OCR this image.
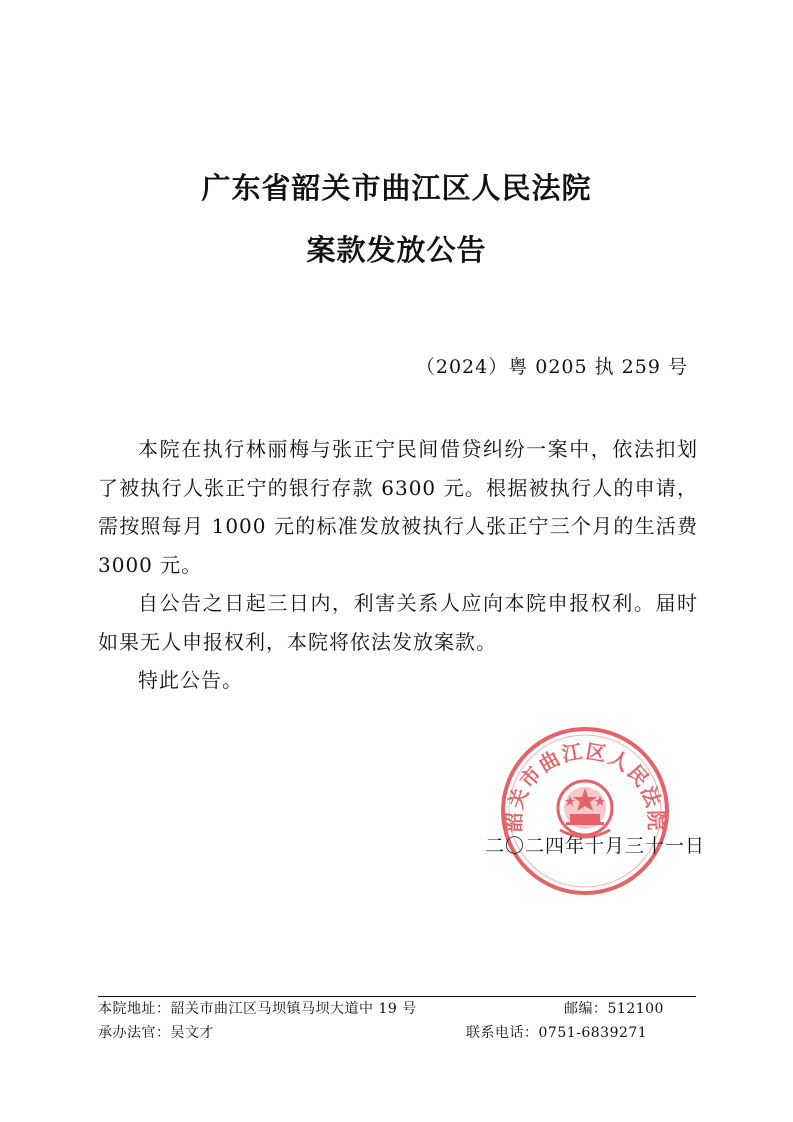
广东省韶关市曲江区人民法院
案款发放公告
（2024）粤 0205 执 259 号

本院在执行林丽梅与张正宁民间借贷纠纷一案中，依法扣划了被执行人张正宁的银行存款 6300 元。根据被执行人的申请，需按照每月 1000 元的标准发放被执行人张正宁三个月的生活费 3000 元。

自公告之日起三日内，利害关系人应向本院申报权利。届时如果无人申报权利，本院将依法发放案款。

特此公告。

韶关市曲江区人民法院
二〇二四年十月三十一日
本院地址：韶关市曲江区马坝镇马坝大道中 19 号	邮编：512100
承办法官：吴文才	联系电话：0751-6839271
